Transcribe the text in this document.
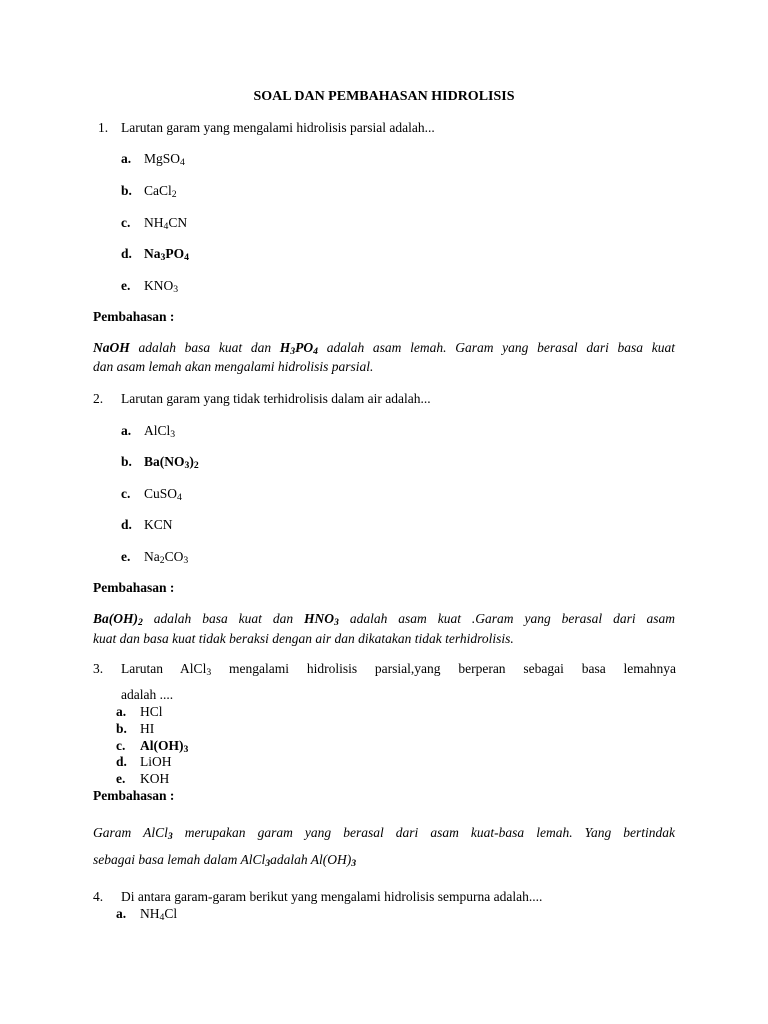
SOAL DAN PEMBAHASAN HIDROLISIS
1. Larutan garam yang mengalami hidrolisis parsial adalah...
a. MgSO$_4$
b. CaCl$_2$
c. $NH_4CN$
d. $Na_3PO_4$
e. $KNO_3$
Pembahasan :
NaOH adalah basa kuat dan $H_3PO_4$ adalah asam lemah. Garam yang berasal dari basa kuat
dan asam lemah akan mengalami hidrolisis parsial.
2. Larutan garam yang tidak terhidrolisis dalam air adalah...
a. AlCl$_3$
b. $Ba(NO_3)_2$
c. CuSO$_4$
d. KCN
e. $Na_2CO_3$
Pembahasan :
$Ba(OH)_2$ adalah basa kuat dan $HNO_3$ adalah asam kuat .Garam yang berasal dari asam
kuat dan basa kuat tidak beraksi dengan air dan dikatakan tidak terhidrolisis.
3. Larutan AlCl$_3$ mengalami hidrolisis parsial,yang berperan sebagai basa lemahnya
adalah ....
a. HCl
b. HI
c. $Al(OH)_3$
d. LiOH
e. KOH
Pembahasan :
Garam AlCl$_3$ merupakan garam yang berasal dari asam kuat-basa lemah. Yang bertindak
sebagai basa lemah dalam AlCl$_3$adalah $Al(OH)_3$
4. Di antara garam-garam berikut yang mengalami hidrolisis sempurna adalah....
a. $NH_4Cl$
